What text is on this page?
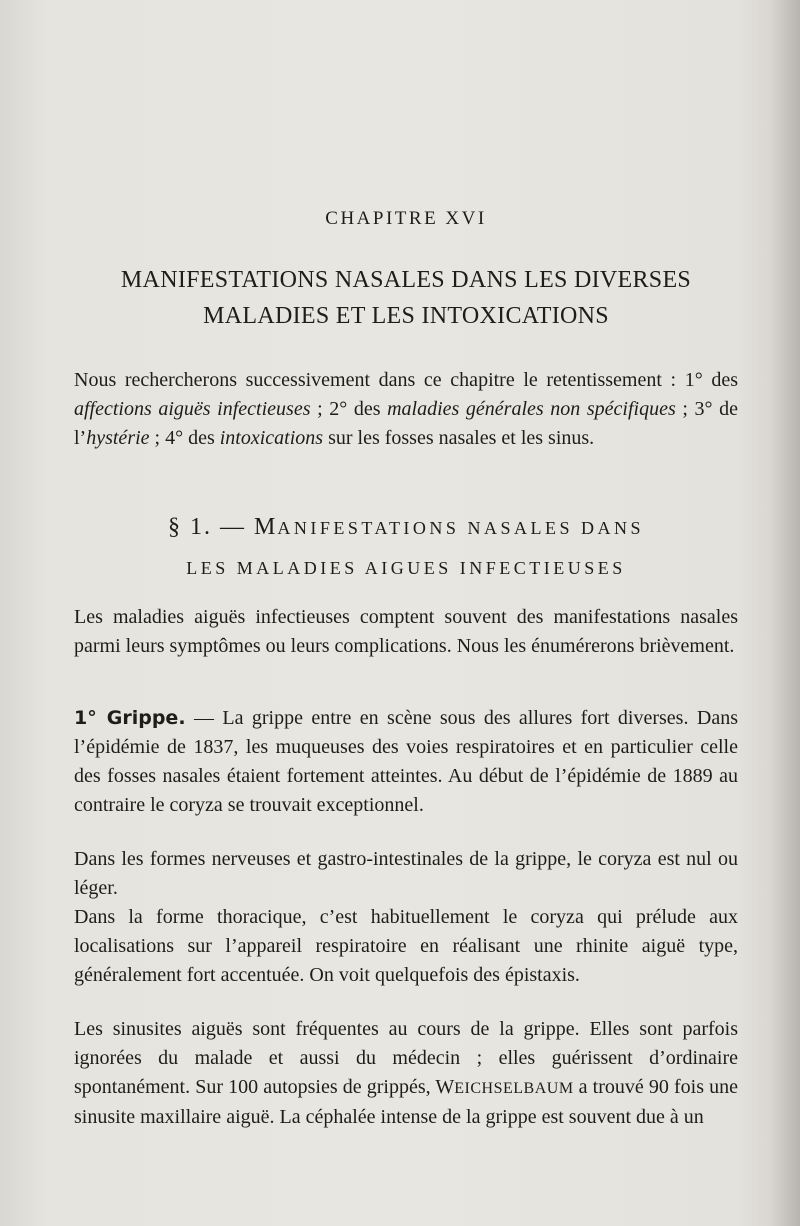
CHAPITRE XVI
MANIFESTATIONS NASALES DANS LES DIVERSES
MALADIES ET LES INTOXICATIONS

Nous rechercherons successivement dans ce chapitre le retentissement : 1° des affections aiguës infectieuses ; 2° des maladies générales non spécifiques ; 3° de l’hystérie ; 4° des intoxications sur les fosses nasales et les sinus.

§ 1. — MANIFESTATIONS NASALES DANS
LES MALADIES AIGUES INFECTIEUSES

Les maladies aiguës infectieuses comptent souvent des manifestations nasales parmi leurs symptômes ou leurs complications. Nous les énumérerons brièvement.

1° Grippe. — La grippe entre en scène sous des allures fort diverses. Dans l’épidémie de 1837, les muqueuses des voies respiratoires et en particulier celle des fosses nasales étaient fortement atteintes. Au début de l’épidémie de 1889 au contraire le coryza se trouvait exceptionnel.

Dans les formes nerveuses et gastro-intestinales de la grippe, le coryza est nul ou léger.

Dans la forme thoracique, c’est habituellement le coryza qui prélude aux localisations sur l’appareil respiratoire en réalisant une rhinite aiguë type, généralement fort accentuée. On voit quelquefois des épistaxis.

Les sinusites aiguës sont fréquentes au cours de la grippe. Elles sont parfois ignorées du malade et aussi du médecin ; elles guérissent d’ordinaire spontanément. Sur 100 autopsies de grippés, WEICHSELBAUM a trouvé 90 fois une sinusite maxillaire aiguë. La céphalée intense de la grippe est souvent due à un
